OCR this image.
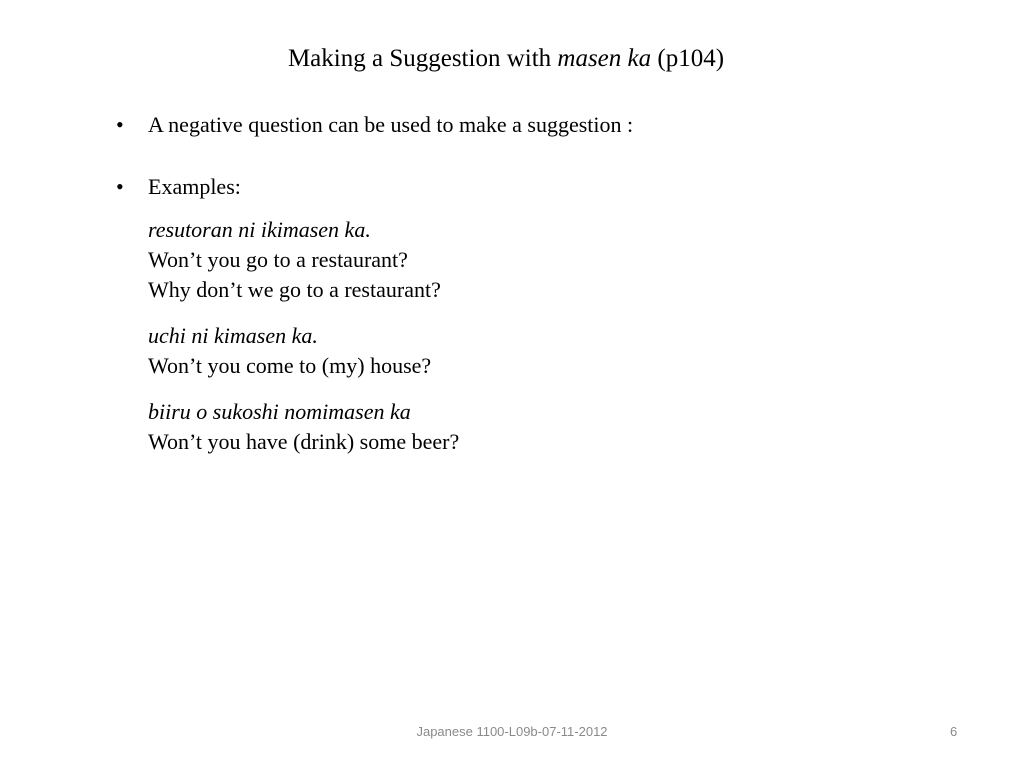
Making a Suggestion with masen ka (p104)
• A negative question can be used to make a suggestion :
• Examples:
resutoran ni ikimasen ka.
Won’t you go to a restaurant?
Why don’t we go to a restaurant?
uchi ni kimasen ka.
Won’t you come to (my) house?
biiru o sukoshi nomimasen ka
Won’t you have (drink) some beer?
Japanese 1100-L09b-07-11-2012	6
